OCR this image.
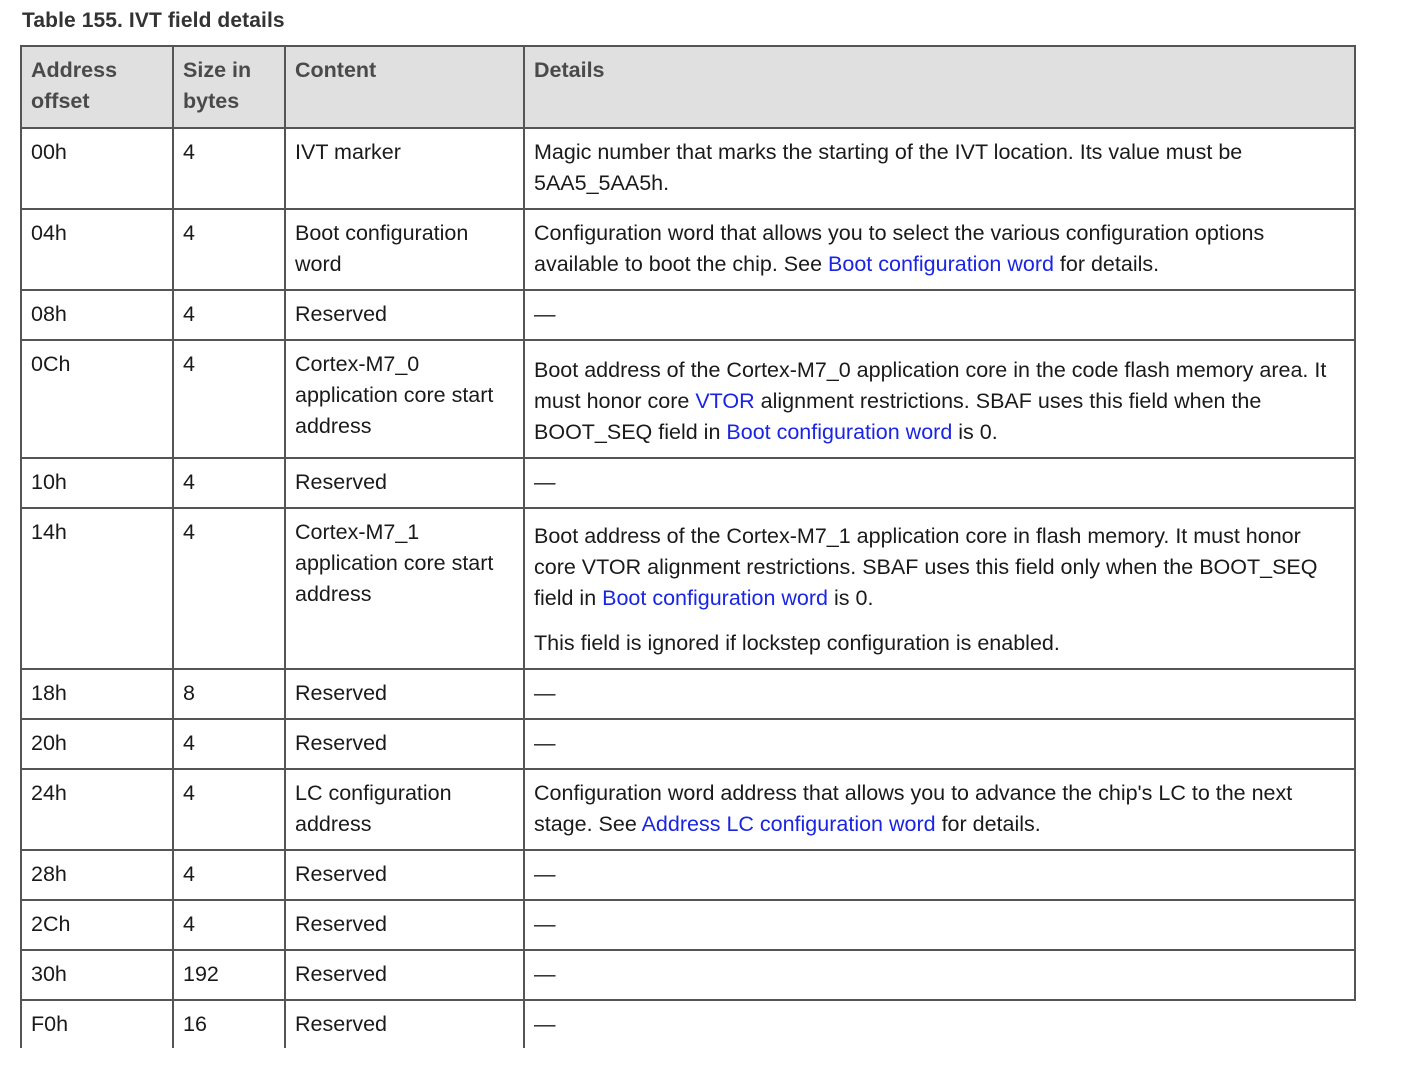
Table 155. IVT field details
Address offset	Size in bytes	Content	Details
00h	4	IVT marker	Magic number that marks the starting of the IVT location. Its value must be 5AA5_5AA5h.

04h	4	Boot configuration word	Configuration word that allows you to select the various configuration options available to boot the chip. See Boot configuration word for details.

08h	4	Reserved	—

0Ch	4	Cortex-M7_0 application core start address	Boot address of the Cortex-M7_0 application core in the code flash memory area. It must honor core VTOR alignment restrictions. SBAF uses this field when the BOOT_SEQ field in Boot configuration word is 0.

10h	4	Reserved	—

14h	4	Cortex-M7_1 application core start address	Boot address of the Cortex-M7_1 application core in flash memory. It must honor core VTOR alignment restrictions. SBAF uses this field only when the BOOT_SEQ field in Boot configuration word is 0.
This field is ignored if lockstep configuration is enabled.

18h	8	Reserved	—

20h	4	Reserved	—

24h	4	LC configuration address	Configuration word address that allows you to advance the chip's LC to the next stage. See Address LC configuration word for details.

28h	4	Reserved	—

2Ch	4	Reserved	—

30h	192	Reserved	—

F0h	16	Reserved	—
